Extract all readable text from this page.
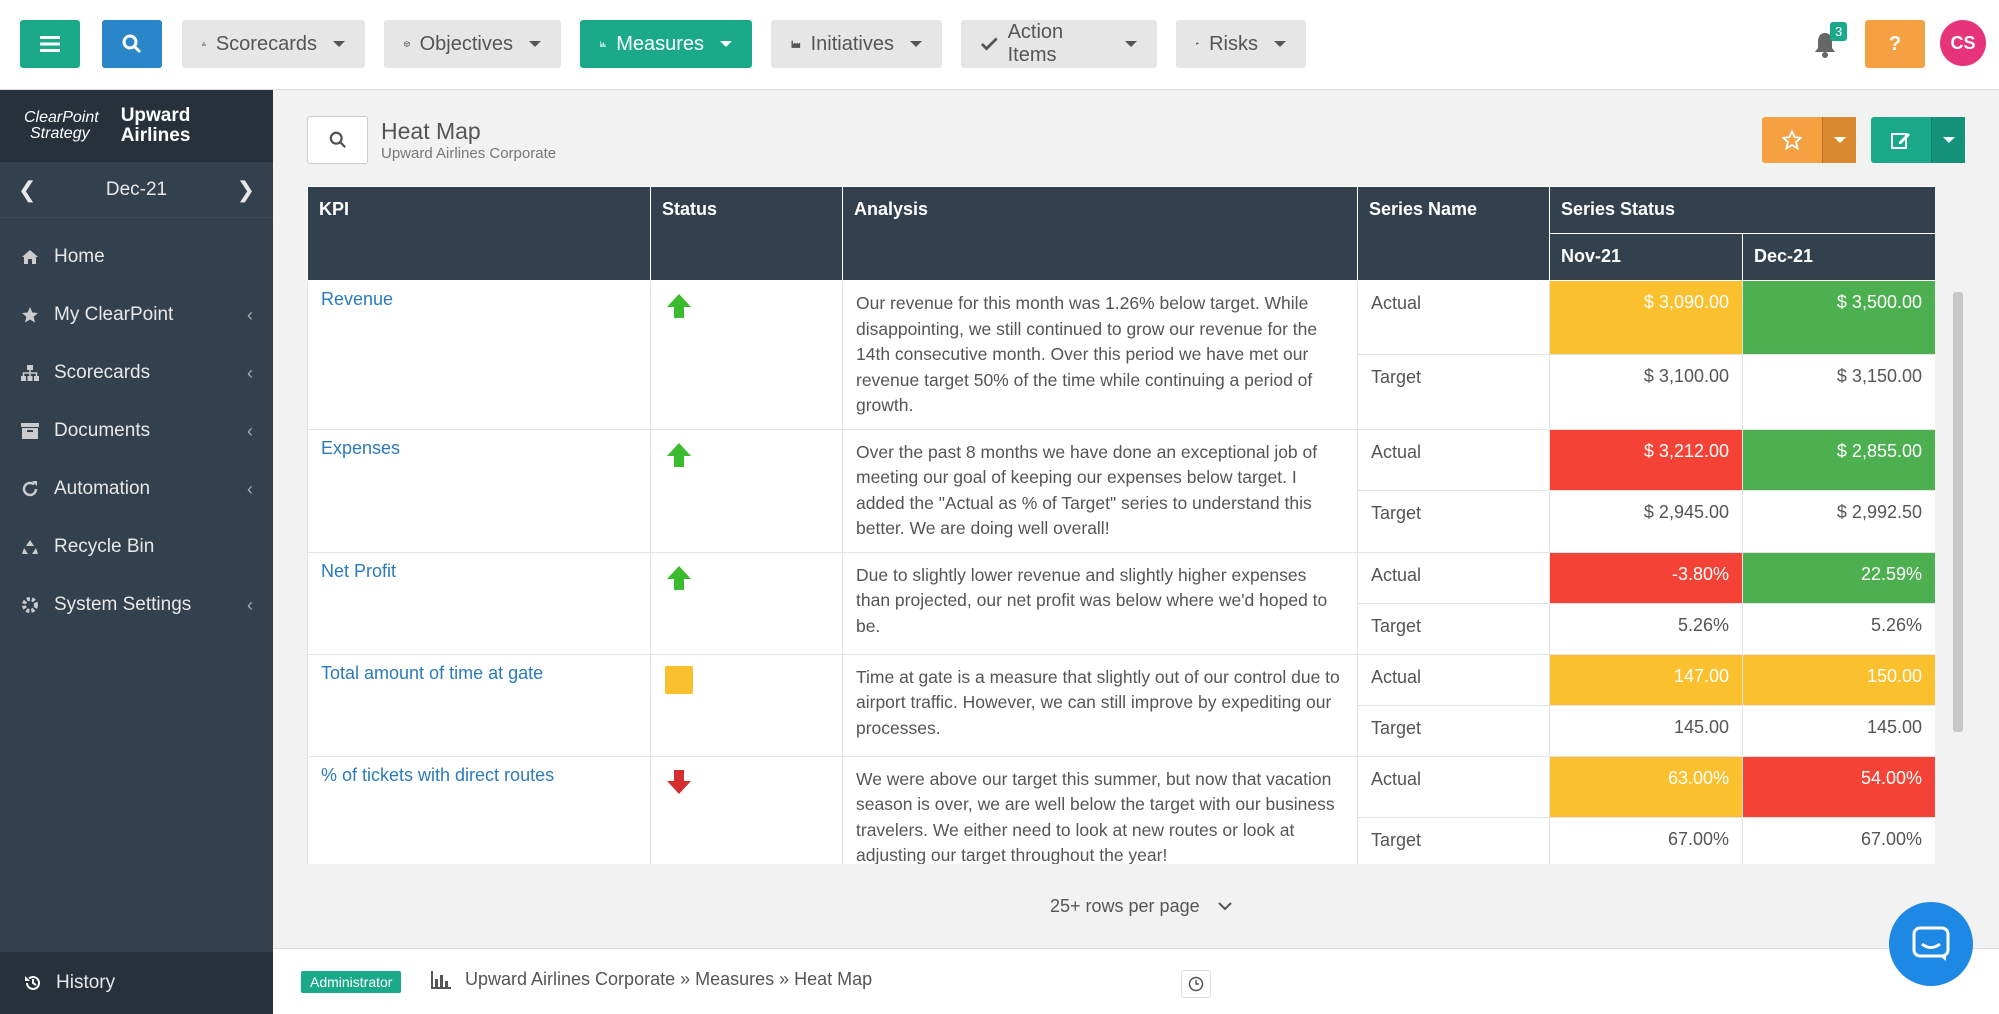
Scorecards	Objectives	Measures	Initiatives
Action Items
Risks
3
?	CS
ClearPoint
Strategy
Upward
Airlines
❮	Dec-21	❯
Home
My ClearPoint	‹
Scorecards	‹
Documents	‹
Automation	‹
Recycle Bin
System Settings	‹
History
Heat Map
Upward Airlines Corporate
KPI	Status	Analysis	Series Name	Series Status	
				Nov-21	Dec-21

Revenue		Our revenue for this month was 1.26% below target. While disappointing, we still continued to grow our revenue for the 14th consecutive month. Over this period we have met our revenue target 50% of the time while continuing a period of growth.	Actual	$ 3,090.00	$ 3,500.00
			Target	$ 3,100.00	$ 3,150.00

Expenses		Over the past 8 months we have done an exceptional job of meeting our goal of keeping our expenses below target. I added the "Actual as % of Target" series to understand this better. We are doing well overall!	Actual	$ 3,212.00	$ 2,855.00
			Target	$ 2,945.00	$ 2,992.50

Net Profit		Due to slightly lower revenue and slightly higher expenses than projected, our net profit was below where we'd hoped to be.	Actual	-3.80%	22.59%
			Target	5.26%	5.26%

Total amount of time at gate		Time at gate is a measure that slightly out of our control due to airport traffic. However, we can still improve by expediting our processes.	Actual	147.00	150.00
			Target	145.00	145.00

% of tickets with direct routes		We were above our target this summer, but now that vacation season is over, we are well below the target with our business travelers. We either need to look at new routes or look at adjusting our target throughout the year!	Actual	63.00%	54.00%
			Target	67.00%	67.00%
25+ rows per page
Administrator	Upward Airlines Corporate » Measures » Heat Map
